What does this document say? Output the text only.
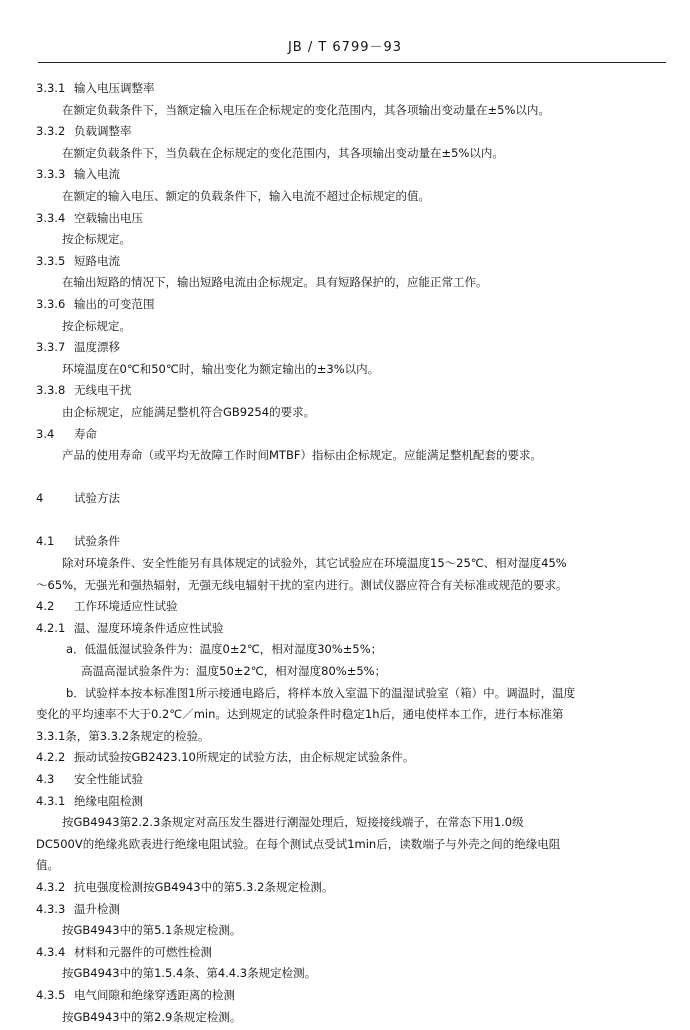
JB / T 6799－93
3.3.1 输入电压调整率
在额定负载条件下，当额定输入电压在企标规定的变化范围内，其各项输出变动量在±5%以内。
3.3.2 负载调整率
在额定负载条件下，当负载在企标规定的变化范围内，其各项输出变动量在±5%以内。
3.3.3 输入电流
在额定的输入电压、额定的负载条件下，输入电流不超过企标规定的值。
3.3.4 空载输出电压
按企标规定。
3.3.5 短路电流
在输出短路的情况下，输出短路电流由企标规定。具有短路保护的，应能正常工作。
3.3.6 输出的可变范围
按企标规定。
3.3.7 温度漂移
环境温度在0℃和50℃时，输出变化为额定输出的±3%以内。
3.3.8 无线电干扰
由企标规定，应能满足整机符合GB9254的要求。
3.4 寿命
产品的使用寿命（或平均无故障工作时间MTBF）指标由企标规定。应能满足整机配套的要求。
4	试验方法
4.1 试验条件
除对环境条件、安全性能另有具体规定的试验外，其它试验应在环境温度15～25℃、相对湿度45%
～65%，无强光和强热辐射，无强无线电辐射干扰的室内进行。测试仪器应符合有关标准或规范的要求。
4.2 工作环境适应性试验
4.2.1 温、湿度环境条件适应性试验
a．低温低湿试验条件为：温度0±2℃，相对湿度30%±5%；
　 高温高湿试验条件为：温度50±2℃，相对湿度80%±5%；
b．试验样本按本标准图1所示接通电路后，将样本放入室温下的温湿试验室（箱）中。调温时，温度
变化的平均速率不大于0.2℃／min。达到规定的试验条件时稳定1h后，通电使样本工作，进行本标准第
3.3.1条，第3.3.2条规定的检验。
4.2.2 振动试验按GB2423.10所规定的试验方法，由企标规定试验条件。
4.3 安全性能试验
4.3.1 绝缘电阻检测
按GB4943第2.2.3条规定对高压发生器进行潮湿处理后，短接接线端子，在常态下用1.0级
DC500V的绝缘兆欧表进行绝缘电阻试验。在每个测试点受试1min后，读数端子与外壳之间的绝缘电阻
值。
4.3.2 抗电强度检测按GB4943中的第5.3.2条规定检测。
4.3.3 温升检测
按GB4943中的第5.1条规定检测。
4.3.4 材料和元器件的可燃性检测
按GB4943中的第1.5.4条、第4.4.3条规定检测。
4.3.5 电气间隙和绝缘穿透距离的检测
按GB4943中的第2.9条规定检测。
